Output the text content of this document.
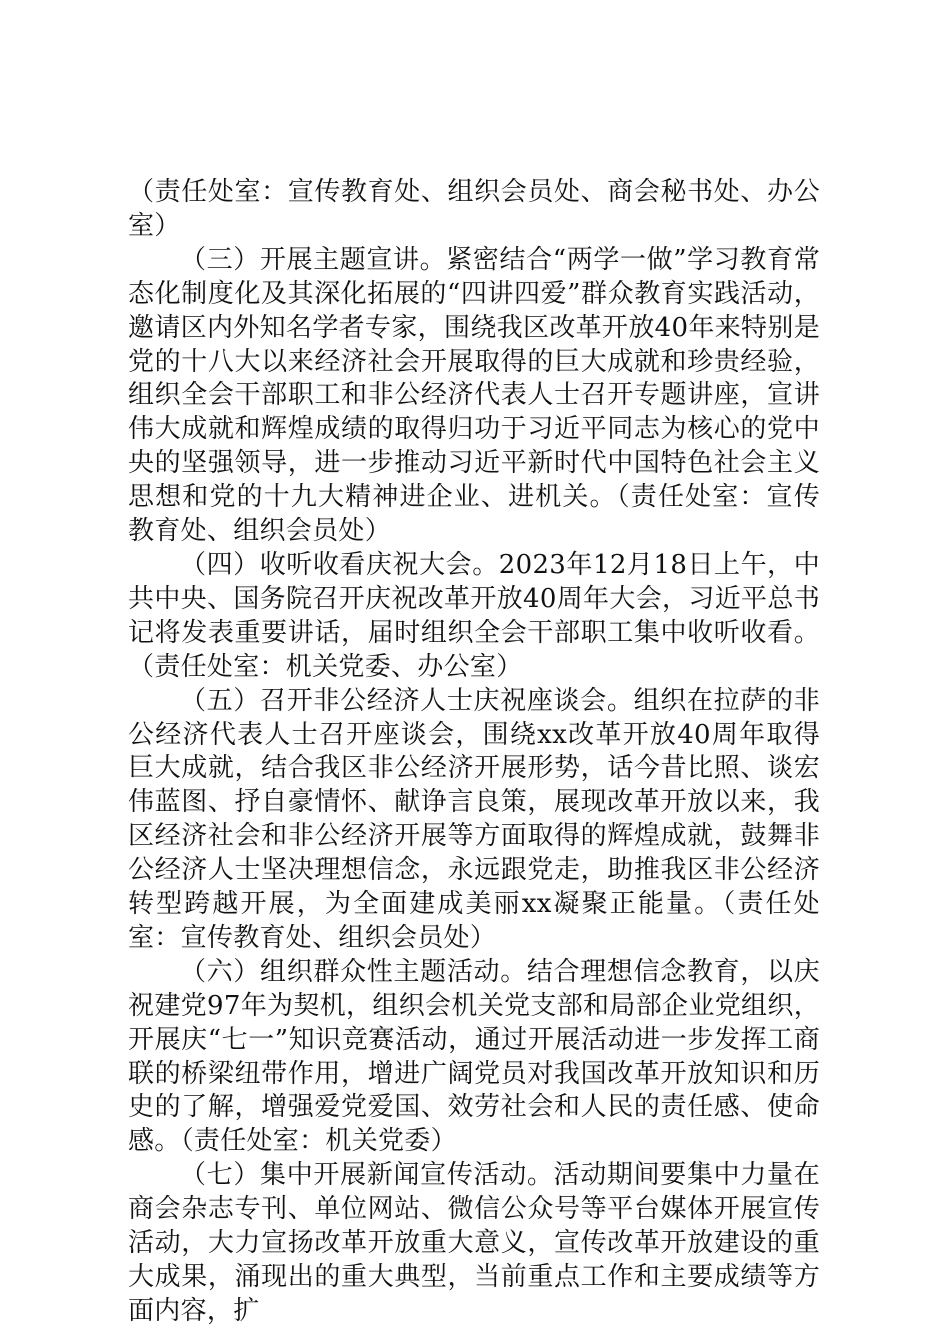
（责任处室：宣传教育处、组织会员处、商会秘书处、办公室）

（三）开展主题宣讲。紧密结合“两学一做”学习教育常态化制度化及其深化拓展的“四讲四爱”群众教育实践活动，邀请区内外知名学者专家，围绕我区改革开放40年来特别是党的十八大以来经济社会开展取得的巨大成就和珍贵经验，组织全会干部职工和非公经济代表人士召开专题讲座，宣讲伟大成就和辉煌成绩的取得归功于习近平同志为核心的党中央的坚强领导，进一步推动习近平新时代中国特色社会主义思想和党的十九大精神进企业、进机关。（责任处室：宣传教育处、组织会员处）

（四）收听收看庆祝大会。2023年12月18日上午，中共中央、国务院召开庆祝改革开放40周年大会，习近平总书记将发表重要讲话，届时组织全会干部职工集中收听收看。（责任处室：机关党委、办公室）

（五）召开非公经济人士庆祝座谈会。组织在拉萨的非公经济代表人士召开座谈会，围绕xx改革开放40周年取得巨大成就，结合我区非公经济开展形势，话今昔比照、谈宏伟蓝图、抒自豪情怀、献诤言良策，展现改革开放以来，我区经济社会和非公经济开展等方面取得的辉煌成就，鼓舞非公经济人士坚决理想信念，永远跟党走，助推我区非公经济转型跨越开展，为全面建成美丽xx凝聚正能量。（责任处室：宣传教育处、组织会员处）

（六）组织群众性主题活动。结合理想信念教育，以庆祝建党97年为契机，组织会机关党支部和局部企业党组织，开展庆“七一”知识竞赛活动，通过开展活动进一步发挥工商联的桥梁纽带作用，增进广阔党员对我国改革开放知识和历史的了解，增强爱党爱国、效劳社会和人民的责任感、使命感。（责任处室：机关党委）

（七）集中开展新闻宣传活动。活动期间要集中力量在商会杂志专刊、单位网站、微信公众号等平台媒体开展宣传活动，大力宣扬改革开放重大意义，宣传改革开放建设的重大成果，涌现出的重大典型，当前重点工作和主要成绩等方面内容，扩
